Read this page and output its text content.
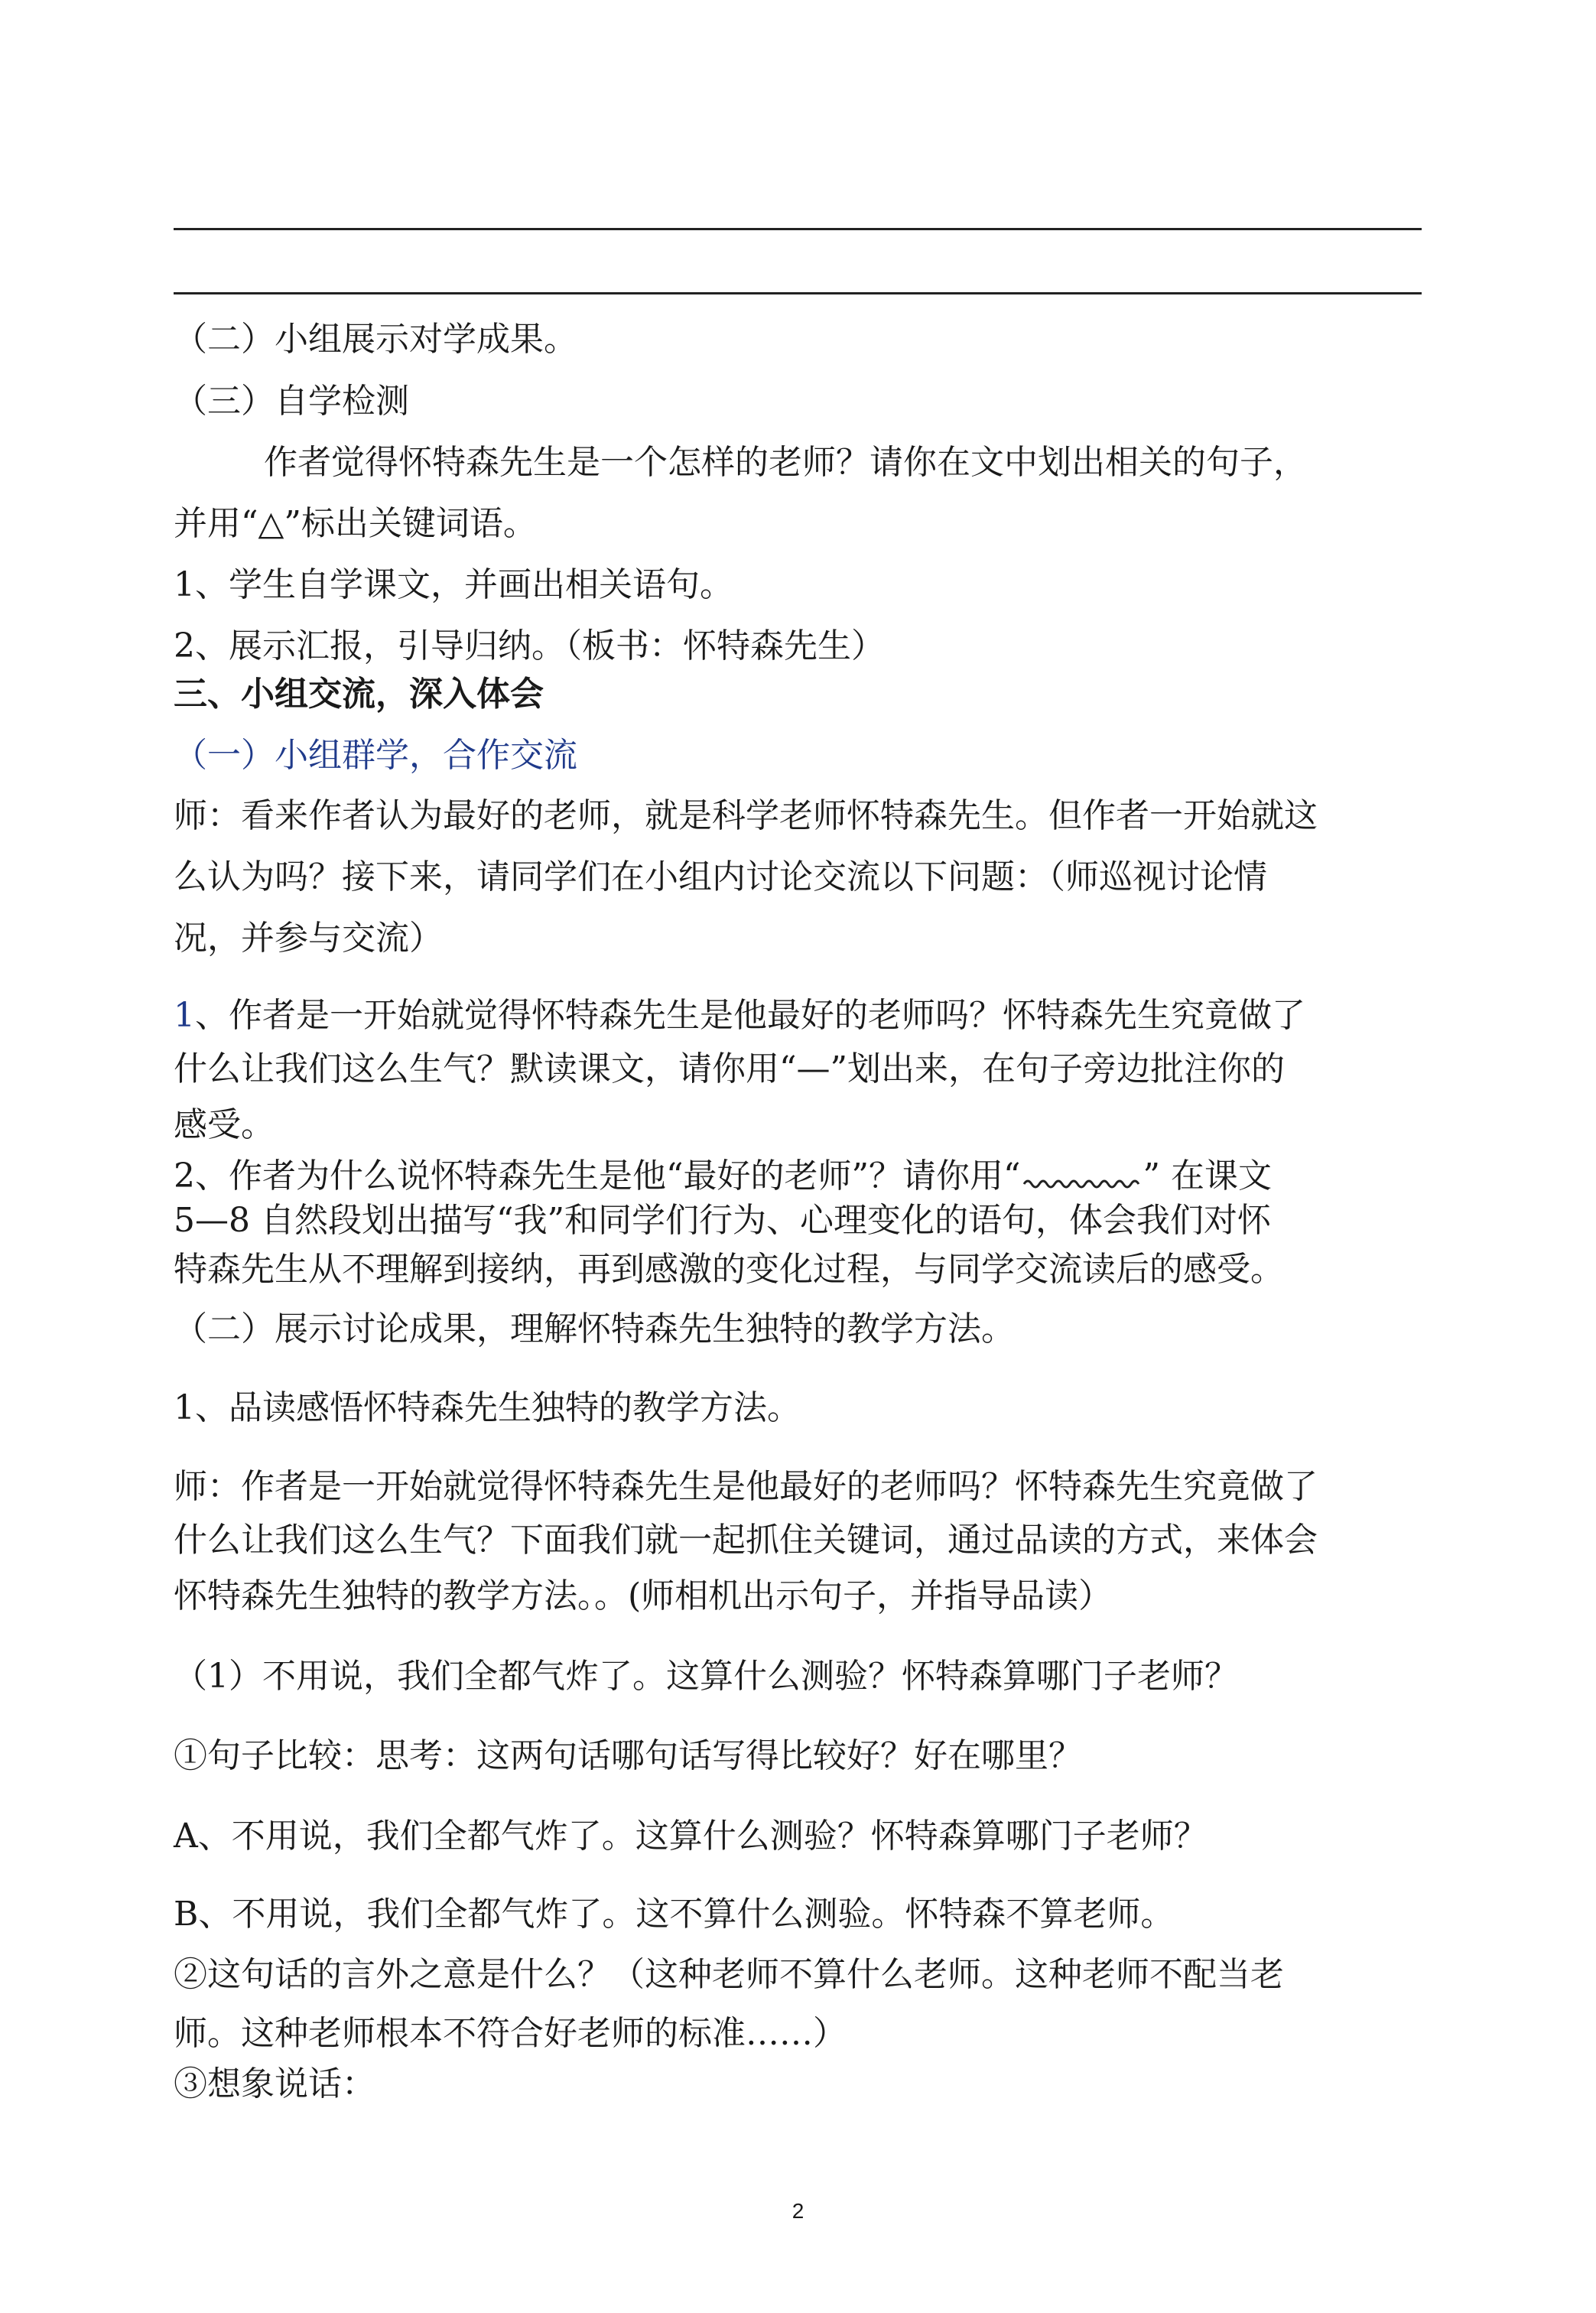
（二）小组展示对学成果。
（三）自学检测
作者觉得怀特森先生是一个怎样的老师？请你在文中划出相关的句子，
并用“△”标出关键词语。
1、学生自学课文，并画出相关语句。
2、展示汇报，引导归纳。（板书：怀特森先生）
三、小组交流，深入体会
（一）小组群学，合作交流
师：看来作者认为最好的老师，就是科学老师怀特森先生。但作者一开始就这
么认为吗？接下来，请同学们在小组内讨论交流以下问题：（师巡视讨论情
况，并参与交流）
1、作者是一开始就觉得怀特森先生是他最好的老师吗？怀特森先生究竟做了
什么让我们这么生气？默读课文，请你用“—”划出来，在句子旁边批注你的
感受。
2、作者为什么说怀特森先生是他“最好的老师”？请你用“	” 在课文
5—8 自然段划出描写“我”和同学们行为、心理变化的语句，体会我们对怀
特森先生从不理解到接纳，再到感激的变化过程，与同学交流读后的感受。
（二）展示讨论成果，理解怀特森先生独特的教学方法。
1、品读感悟怀特森先生独特的教学方法。
师：作者是一开始就觉得怀特森先生是他最好的老师吗？怀特森先生究竟做了
什么让我们这么生气？下面我们就一起抓住关键词，通过品读的方式，来体会
怀特森先生独特的教学方法。。(师相机出示句子，并指导品读）
（1）不用说，我们全都气炸了。这算什么测验？怀特森算哪门子老师？
①句子比较：思考：这两句话哪句话写得比较好？好在哪里？
A、不用说，我们全都气炸了。这算什么测验？怀特森算哪门子老师？
B、不用说，我们全都气炸了。这不算什么测验。怀特森不算老师。
②这句话的言外之意是什么？（这种老师不算什么老师。这种老师不配当老
师。这种老师根本不符合好老师的标准……）
③想象说话：
2
